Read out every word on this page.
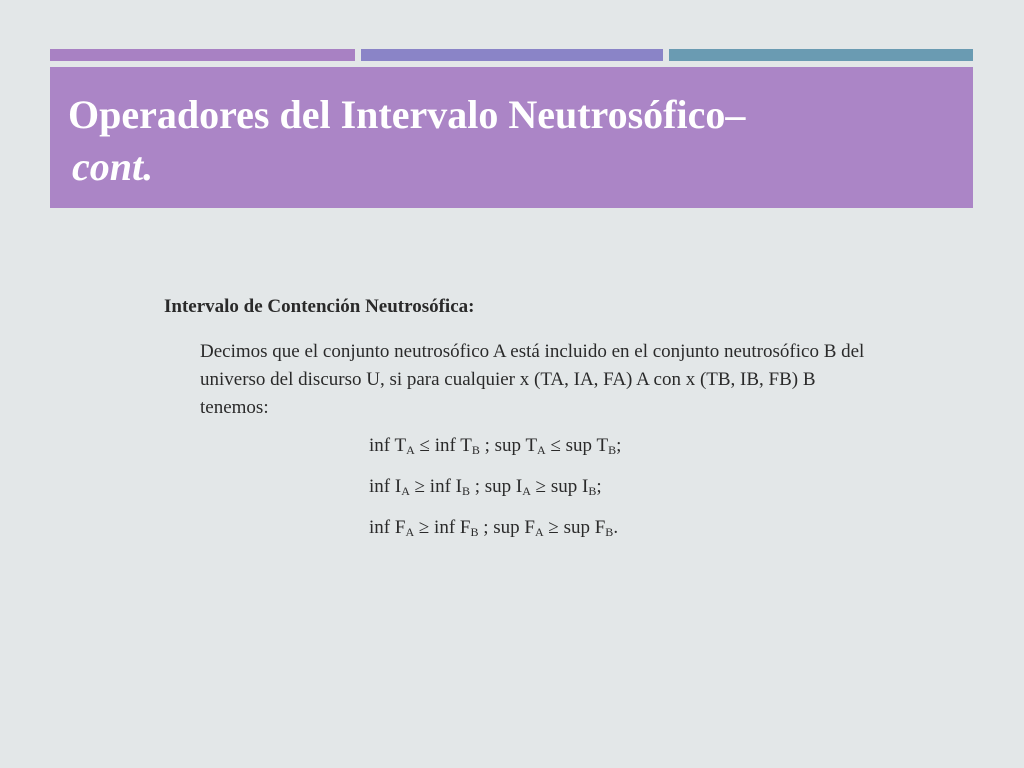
Operadores del Intervalo Neutrosófico–
cont.

Intervalo de Contención Neutrosófica:

Decimos que el conjunto neutrosófico A está incluido en el conjunto neutrosófico B del universo del discurso U, si para cualquier x (TA, IA, FA) A con x (TB, IB, FB) B tenemos:

inf $T_A$ ≤ inf $T_B$ ; sup $T_A$ ≤ sup $T_B$;
inf $I_A$ ≥ inf $I_B$ ; sup $I_A$ ≥ sup $I_B$;
inf $F_A$ ≥ inf $F_B$ ; sup $F_A$ ≥ sup $F_B$.
